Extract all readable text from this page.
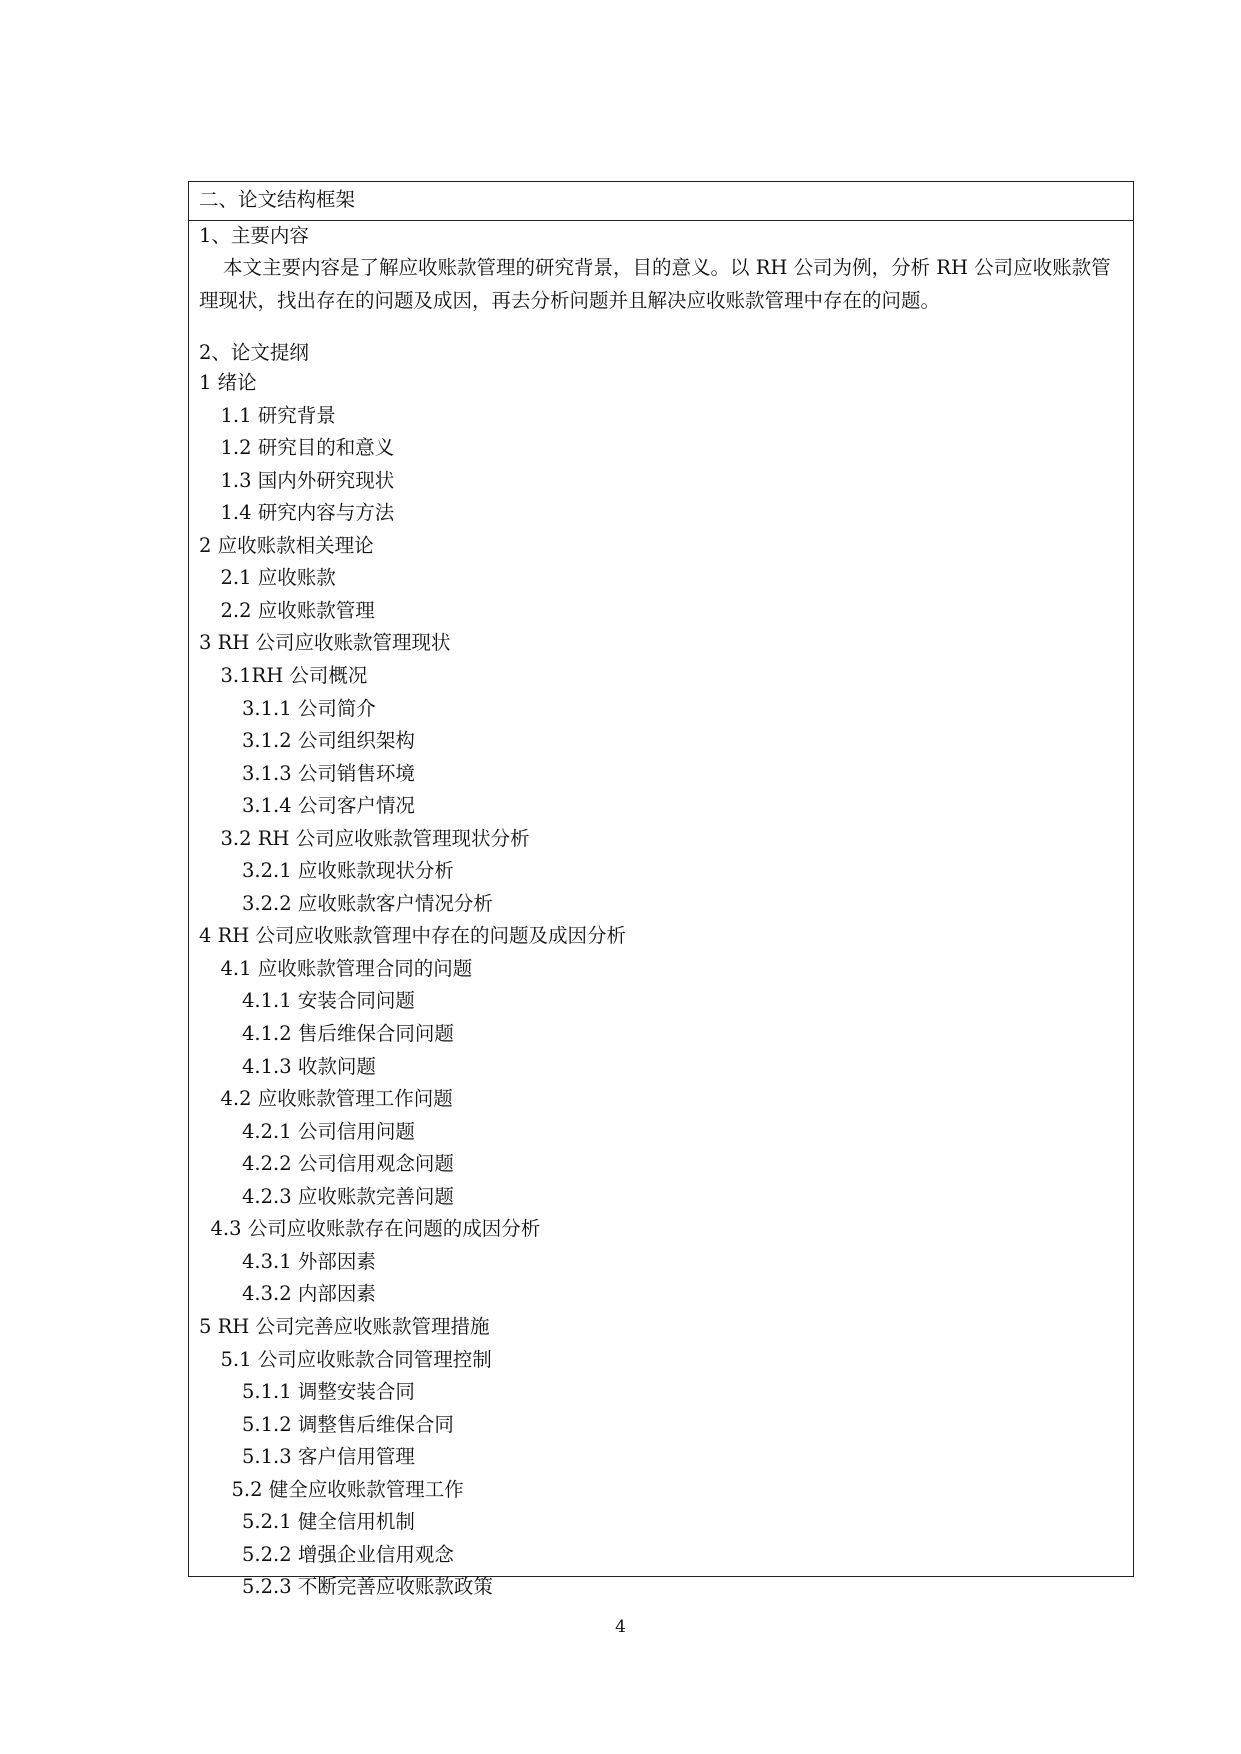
二、论文结构框架
1、主要内容
本文主要内容是了解应收账款管理的研究背景，目的意义。以 RH 公司为例，分析 RH 公司应收账款管理现状，找出存在的问题及成因，再去分析问题并且解决应收账款管理中存在的问题。
2、论文提纲
1 绪论
1.1 研究背景
1.2 研究目的和意义
1.3 国内外研究现状
1.4 研究内容与方法
2 应收账款相关理论
2.1 应收账款
2.2 应收账款管理
3 RH 公司应收账款管理现状
3.1RH 公司概况
3.1.1 公司简介
3.1.2 公司组织架构
3.1.3 公司销售环境
3.1.4 公司客户情况
3.2 RH 公司应收账款管理现状分析
3.2.1 应收账款现状分析
3.2.2 应收账款客户情况分析
4 RH 公司应收账款管理中存在的问题及成因分析
4.1 应收账款管理合同的问题
4.1.1 安装合同问题
4.1.2 售后维保合同问题
4.1.3 收款问题
4.2 应收账款管理工作问题
4.2.1 公司信用问题
4.2.2 公司信用观念问题
4.2.3 应收账款完善问题
4.3 公司应收账款存在问题的成因分析
4.3.1 外部因素
4.3.2 内部因素
5 RH 公司完善应收账款管理措施
5.1 公司应收账款合同管理控制
5.1.1 调整安装合同
5.1.2 调整售后维保合同
5.1.3 客户信用管理
5.2 健全应收账款管理工作
5.2.1 健全信用机制
5.2.2 增强企业信用观念
5.2.3 不断完善应收账款政策
4
